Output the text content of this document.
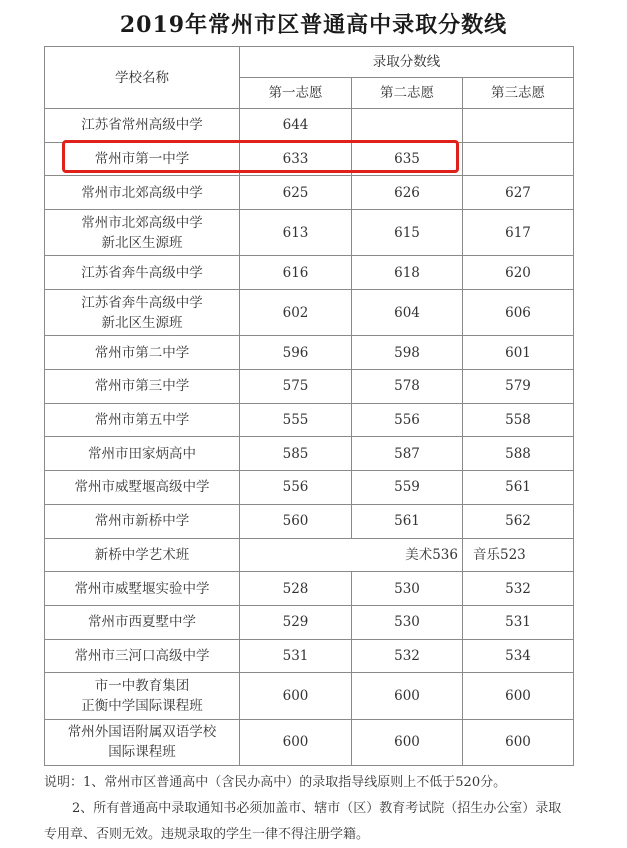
2019年常州市区普通高中录取分数线
学校名称	录取分数线		
	第一志愿	第二志愿	第三志愿

江苏省常州高级中学	644		

常州市第一中学	633	635	

常州市北郊高级中学	625	626	627

常州市北郊高级中学
新北区生源班	613	615	617

江苏省奔牛高级中学	616	618	620

江苏省奔牛高级中学
新北区生源班	602	604	606

常州市第二中学	596	598	601

常州市第三中学	575	578	579

常州市第五中学	555	556	558

常州市田家炳高中	585	587	588

常州市威墅堰高级中学	556	559	561

常州市新桥中学	560	561	562

新桥中学艺术班	美术536		音乐523

常州市威墅堰实验中学	528	530	532

常州市西夏墅中学	529	530	531

常州市三河口高级中学	531	532	534

市一中教育集团
正衡中学国际课程班	600	600	600

常州外国语附属双语学校
国际课程班	600	600	600

说明：1、常州市区普通高中（含民办高中）的录取指导线原则上不低于520分。

2、所有普通高中录取通知书必须加盖市、辖市（区）教育考试院（招生办公室）录取

专用章、否则无效。违规录取的学生一律不得注册学籍。
